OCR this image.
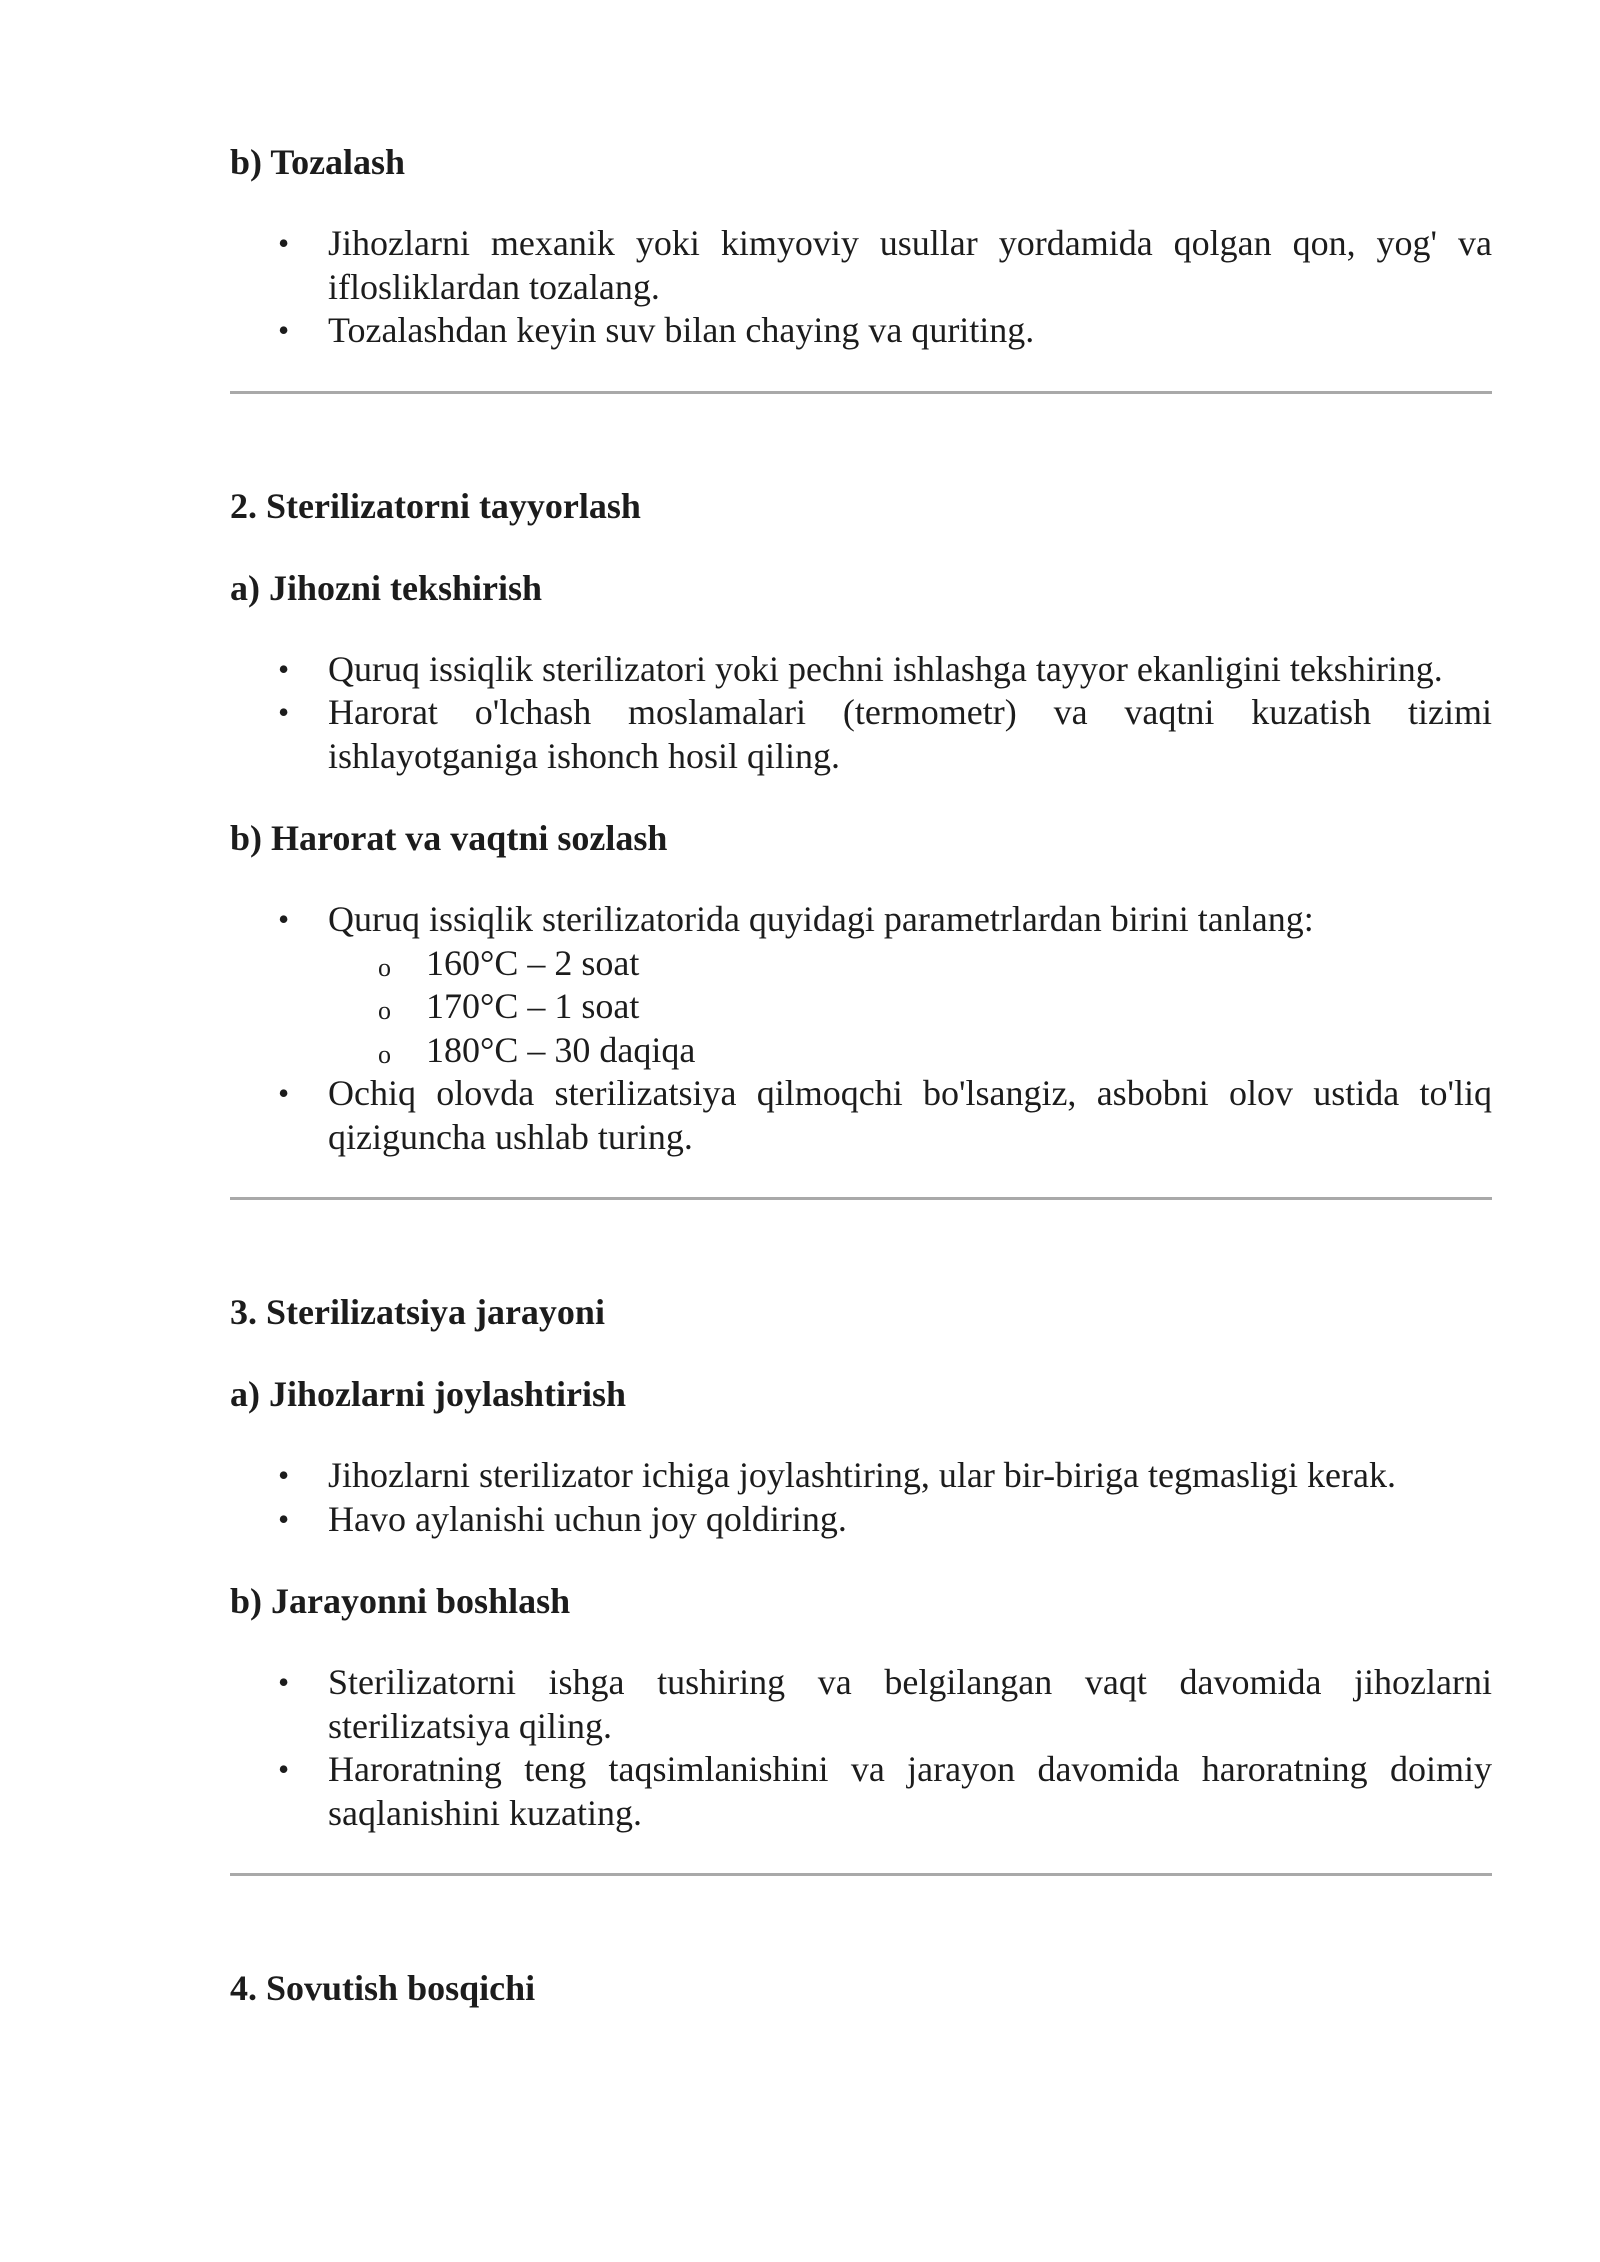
b) Tozalash
• Jihozlarni mexanik yoki kimyoviy usullar yordamida qolgan qon, yog' va iflosliklаrdan tozalang.
• Tozalashdan keyin suv bilan chaying va quriting.
2. Sterilizatorni tayyorlash
a) Jihozni tekshirish
• Quruq issiqlik sterilizatori yoki pechni ishlashga tayyor ekanligini tekshiring.
• Harorat o'lchash moslamalari (termometr) va vaqtni kuzatish tizimi ishlayotganiga ishonch hosil qiling.
b) Harorat va vaqtni sozlash
• Quruq issiqlik sterilizatorida quyidagi parametrlardan birini tanlang:
o 160°C – 2 soat
o 170°C – 1 soat
o 180°C – 30 daqiqa
• Ochiq olovda sterilizatsiya qilmoqchi bo'lsangiz, asbobni olov ustida to'liq qiziguncha ushlab turing.
3. Sterilizatsiya jarayoni
a) Jihozlarni joylashtirish
• Jihozlarni sterilizator ichiga joylashtiring, ular bir-biriga tegmasligi kerak.
• Havo aylanishi uchun joy qoldiring.
b) Jarayonni boshlash
• Sterilizatorni ishga tushiring va belgilangan vaqt davomida jihozlarni sterilizatsiya qiling.
• Haroratning teng taqsimlanishini va jarayon davomida haroratning doimiy saqlanishini kuzating.
4. Sovutish bosqichi
